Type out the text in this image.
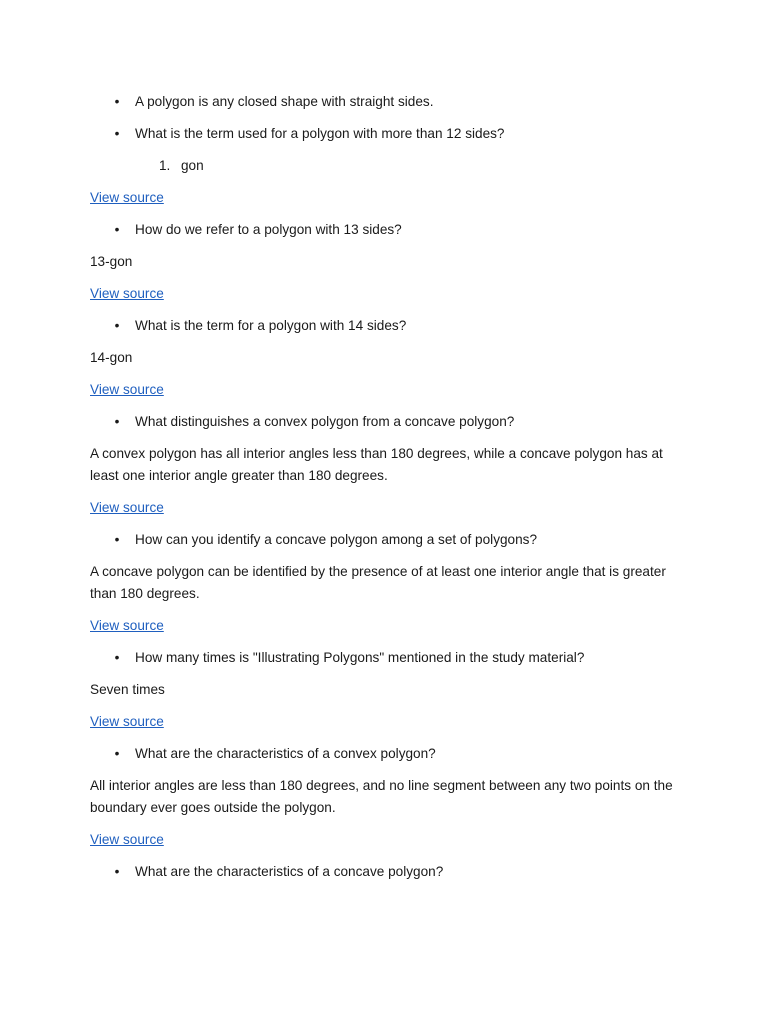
• A polygon is any closed shape with straight sides.
• What is the term used for a polygon with more than 12 sides?
1. gon
View source
• How do we refer to a polygon with 13 sides?
13-gon
View source
• What is the term for a polygon with 14 sides?
14-gon
View source
• What distinguishes a convex polygon from a concave polygon?
A convex polygon has all interior angles less than 180 degrees, while a concave polygon has at least one interior angle greater than 180 degrees.
View source
• How can you identify a concave polygon among a set of polygons?
A concave polygon can be identified by the presence of at least one interior angle that is greater than 180 degrees.
View source
• How many times is "Illustrating Polygons" mentioned in the study material?
Seven times
View source
• What are the characteristics of a convex polygon?
All interior angles are less than 180 degrees, and no line segment between any two points on the boundary ever goes outside the polygon.
View source
• What are the characteristics of a concave polygon?
